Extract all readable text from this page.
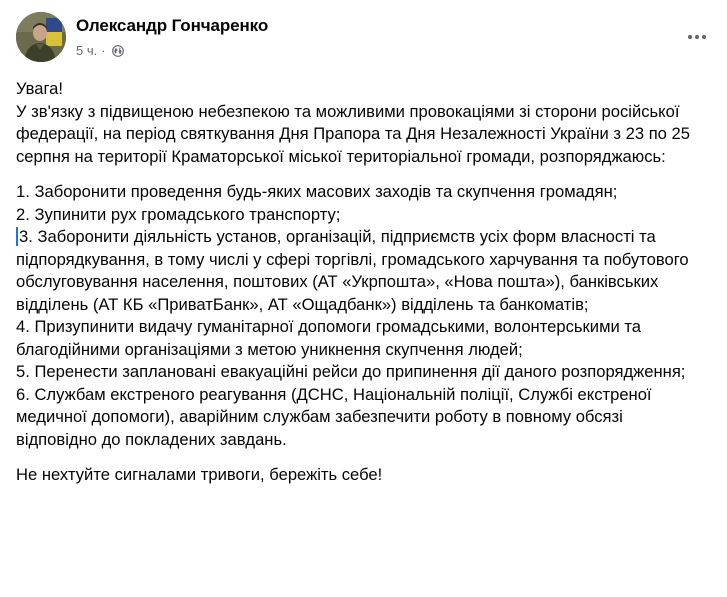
Олександр Гончаренко
5 ч. ·

Увага!

У зв'язку з підвищеною небезпекою та можливими провокаціями зі сторони російської федерації, на період святкування Дня Прапора та Дня Незалежності України з 23 по 25 серпня на території Краматорської міської територіальної громади, розпоряджаюсь:

1. Заборонити проведення будь-яких масових заходів та скупчення громадян;

2. Зупинити рух громадського транспорту;

3. Заборонити діяльність установ, організацій, підприємств усіх форм власності та підпорядкування, в тому числі у сфері торгівлі, громадського харчування та побутового обслуговування населення, поштових (АТ «Укрпошта», «Нова пошта»), банківських відділень (АТ КБ «ПриватБанк», АТ «Ощадбанк») відділень та банкоматів;

4. Призупинити видачу гуманітарної допомоги громадськими, волонтерськими та благодійними організаціями з метою уникнення скупчення людей;

5. Перенести заплановані евакуаційні рейси до припинення дії даного розпорядження;

6. Службам екстреного реагування (ДСНС, Національній поліції, Службі екстреної медичної допомоги), аварійним службам забезпечити роботу в повному обсязі відповідно до покладених завдань.

Не нехтуйте сигналами тривоги, бережіть себе!
